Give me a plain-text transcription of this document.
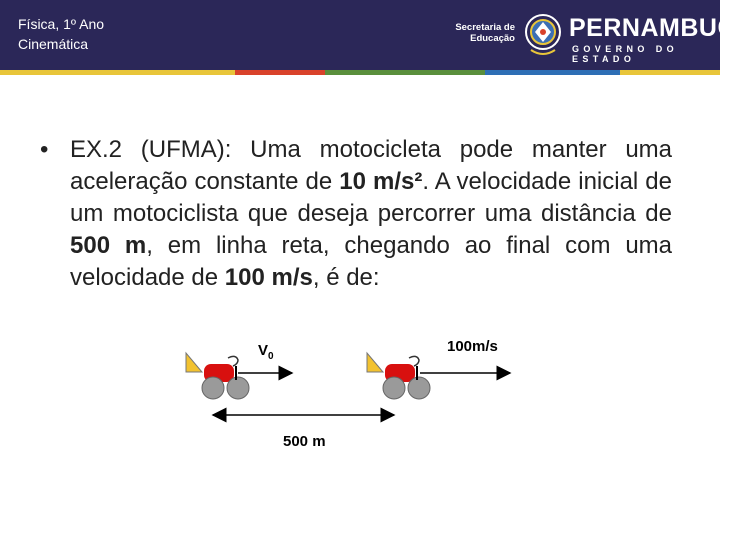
Física, 1º Ano
Cinemática
Secretaria de
Educação PERNAMBUCO
GOVERNO DO ESTADO
• EX.2 (UFMA): Uma motocicleta pode manter uma aceleração constante de 10 m/s². A velocidade inicial de um motociclista que deseja percorrer uma distância de 500 m, em linha reta, chegando ao final com uma velocidade de 100 m/s, é de:
$V_0$
100m/s
500 m
